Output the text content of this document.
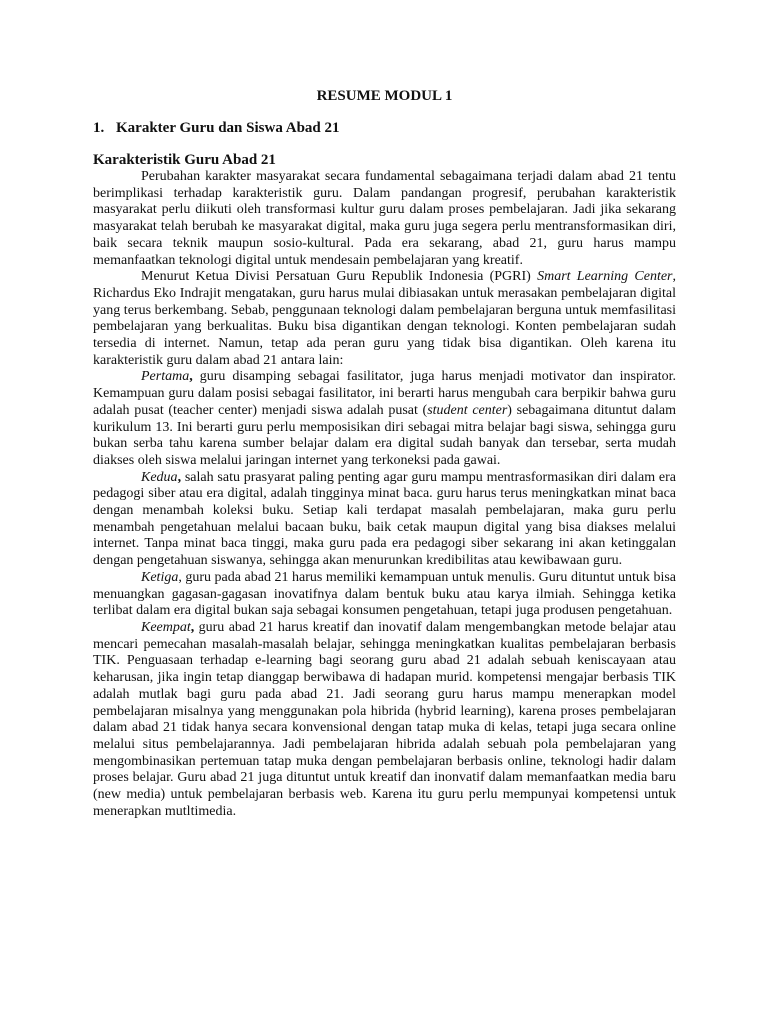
RESUME MODUL 1
1. Karakter Guru dan Siswa Abad 21
Karakteristik Guru Abad 21

Perubahan karakter masyarakat secara fundamental sebagaimana terjadi dalam abad 21 tentu berimplikasi terhadap karakteristik guru. Dalam pandangan progresif, perubahan karakteristik masyarakat perlu diikuti oleh transformasi kultur guru dalam proses pembelajaran. Jadi jika sekarang masyarakat telah berubah ke masyarakat digital, maka guru juga segera perlu mentransformasikan diri, baik secara teknik maupun sosio-kultural. Pada era sekarang, abad 21, guru harus mampu memanfaatkan teknologi digital untuk mendesain pembelajaran yang kreatif.

Menurut Ketua Divisi Persatuan Guru Republik Indonesia (PGRI) Smart Learning Center, Richardus Eko Indrajit mengatakan, guru harus mulai dibiasakan untuk merasakan pembelajaran digital yang terus berkembang. Sebab, penggunaan teknologi dalam pembelajaran berguna untuk memfasilitasi pembelajaran yang berkualitas. Buku bisa digantikan dengan teknologi. Konten pembelajaran sudah tersedia di internet. Namun, tetap ada peran guru yang tidak bisa digantikan. Oleh karena itu karakteristik guru dalam abad 21 antara lain:

Pertama, guru disamping sebagai fasilitator, juga harus menjadi motivator dan inspirator. Kemampuan guru dalam posisi sebagai fasilitator, ini berarti harus mengubah cara berpikir bahwa guru adalah pusat (teacher center) menjadi siswa adalah pusat (student center) sebagaimana dituntut dalam kurikulum 13. Ini berarti guru perlu memposisikan diri sebagai mitra belajar bagi siswa, sehingga guru bukan serba tahu karena sumber belajar dalam era digital sudah banyak dan tersebar, serta mudah diakses oleh siswa melalui jaringan internet yang terkoneksi pada gawai.

Kedua, salah satu prasyarat paling penting agar guru mampu mentrasformasikan diri dalam era pedagogi siber atau era digital, adalah tingginya minat baca. guru harus terus meningkatkan minat baca dengan menambah koleksi buku. Setiap kali terdapat masalah pembelajaran, maka guru perlu menambah pengetahuan melalui bacaan buku, baik cetak maupun digital yang bisa diakses melalui internet. Tanpa minat baca tinggi, maka guru pada era pedagogi siber sekarang ini akan ketinggalan dengan pengetahuan siswanya, sehingga akan menurunkan kredibilitas atau kewibawaan guru.

Ketiga, guru pada abad 21 harus memiliki kemampuan untuk menulis. Guru dituntut untuk bisa menuangkan gagasan-gagasan inovatifnya dalam bentuk buku atau karya ilmiah. Sehingga ketika terlibat dalam era digital bukan saja sebagai konsumen pengetahuan, tetapi juga produsen pengetahuan.

Keempat, guru abad 21 harus kreatif dan inovatif dalam mengembangkan metode belajar atau mencari pemecahan masalah-masalah belajar, sehingga meningkatkan kualitas pembelajaran berbasis TIK. Penguasaan terhadap e-learning bagi seorang guru abad 21 adalah sebuah keniscayaan atau keharusan, jika ingin tetap dianggap berwibawa di hadapan murid. kompetensi mengajar berbasis TIK adalah mutlak bagi guru pada abad 21. Jadi seorang guru harus mampu menerapkan model pembelajaran misalnya yang menggunakan pola hibrida (hybrid learning), karena proses pembelajaran dalam abad 21 tidak hanya secara konvensional dengan tatap muka di kelas, tetapi juga secara online melalui situs pembelajarannya. Jadi pembelajaran hibrida adalah sebuah pola pembelajaran yang mengombinasikan pertemuan tatap muka dengan pembelajaran berbasis online, teknologi hadir dalam proses belajar. Guru abad 21 juga dituntut untuk kreatif dan inonvatif dalam memanfaatkan media baru (new media) untuk pembelajaran berbasis web. Karena itu guru perlu mempunyai kompetensi untuk menerapkan mutltimedia.
